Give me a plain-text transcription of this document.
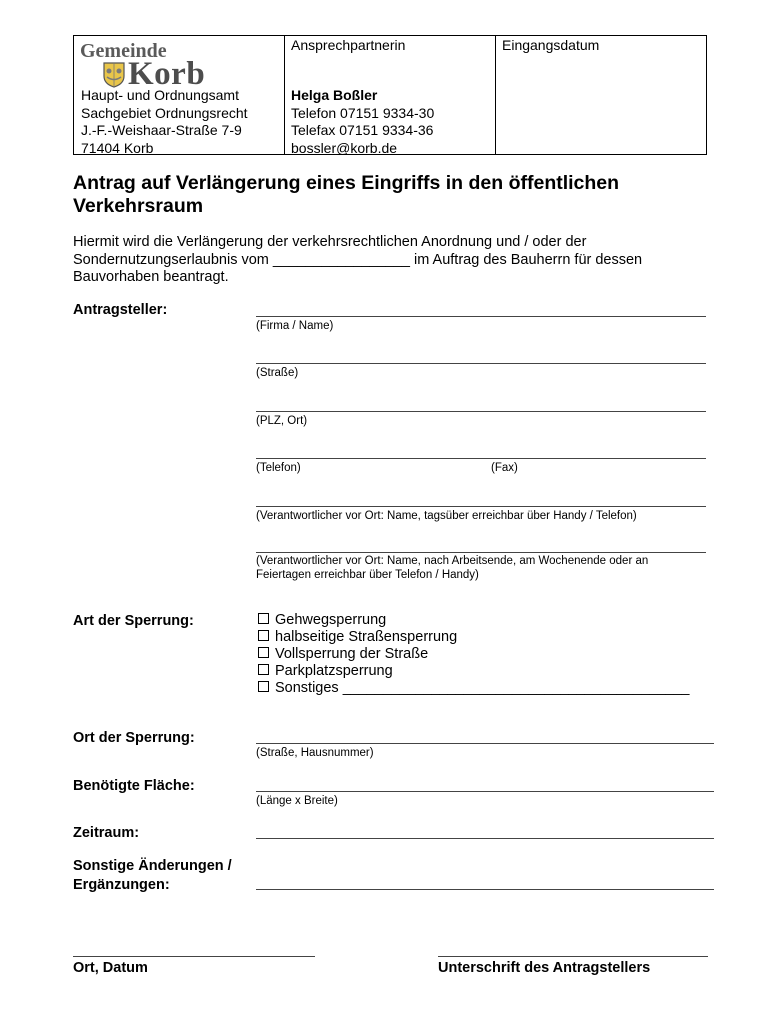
Gemeinde
Korb
Haupt- und Ordnungsamt
Sachgebiet Ordnungsrecht
J.-F.-Weishaar-Straße 7-9
71404 Korb
Ansprechpartnerin
Helga Boßler
Telefon 07151 9334-30
Telefax 07151 9334-36
bossler@korb.de
Eingangsdatum
Antrag auf Verlängerung eines Eingriffs in den öffentlichen
Verkehrsraum
Hiermit wird die Verlängerung der verkehrsrechtlichen Anordnung und / oder der
Sondernutzungserlaubnis vom _________________ im Auftrag des Bauherrn für dessen
Bauvorhaben beantragt.
Antragsteller:
(Firma / Name)
(Straße)
(PLZ, Ort)
(Telefon)	(Fax)
(Verantwortlicher vor Ort: Name, tagsüber erreichbar über Handy / Telefon)
(Verantwortlicher vor Ort: Name, nach Arbeitsende, am Wochenende oder an
Feiertagen erreichbar über Telefon / Handy)
Art der Sperrung:	Gehwegsperrung
halbseitige Straßensperrung
Vollsperrung der Straße
Parkplatzsperrung
Sonstiges ___________________________________________
Ort der Sperrung:
(Straße, Hausnummer)
Benötigte Fläche:
(Länge x Breite)
Zeitraum:
Sonstige Änderungen /
Ergänzungen:
Ort, Datum	Unterschrift des Antragstellers
